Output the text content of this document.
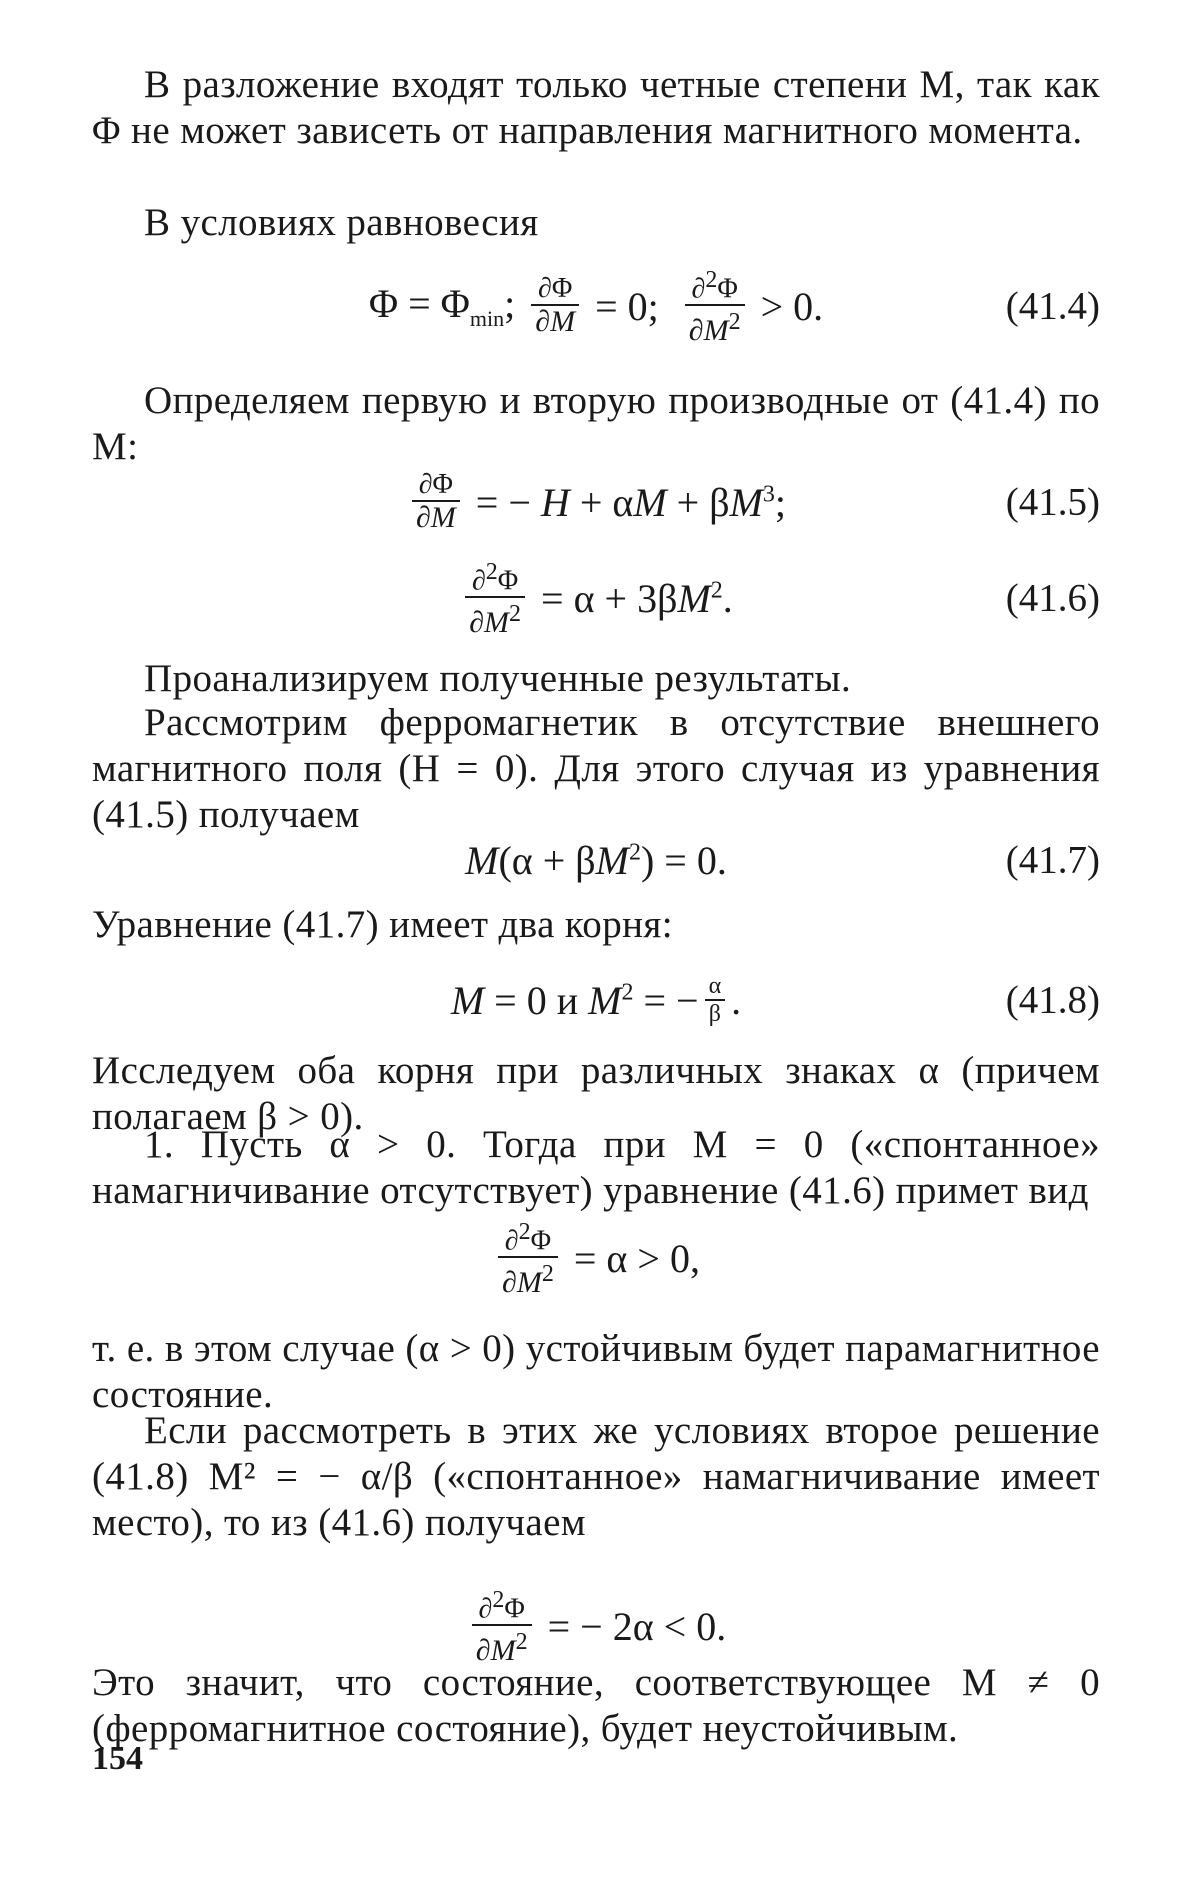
В разложение входят только четные степени М, так как Φ не может зависеть от направления магнитного момента.

В условиях равновесия

$\Phi = \Phi_{min}$; $\frac{\partial\Phi}{\partial M} = 0$; $\frac{\partial^2\Phi}{\partial M^2} > 0$.	(41.4)

Определяем первую и вторую производные от (41.4) по М:

$\frac{\partial\Phi}{\partial M}$ = − $H + \alpha M + \beta M^3$;	(41.5)
$\frac{\partial^2\Phi}{\partial M^2} = \alpha + 3\beta M^2$.	(41.6)

Проанализируем полученные результаты.

Рассмотрим ферромагнетик в отсутствие внешнего магнитного поля (Н = 0). Для этого случая из уравнения (41.5) получаем

$M(\alpha + \beta M^2) = 0$.	(41.7)

Уравнение (41.7) имеет два корня:

M = 0 и $M^2$ = − $\frac{\alpha}{\beta}$ .	(41.8)

Исследуем оба корня при различных знаках α (причем полагаем β > 0).

1. Пусть α > 0. Тогда при М = 0 («спонтанное» намагничивание отсутствует) уравнение (41.6) примет вид

$\frac{\partial^2\Phi}{\partial M^2} = \alpha > 0$,

т. е. в этом случае (α > 0) устойчивым будет парамагнитное состояние.

Если рассмотреть в этих же условиях второе решение (41.8) М² = − α/β («спонтанное» намагничивание имеет место), то из (41.6) получаем

$\frac{\partial^2\Phi}{\partial M^2}$ = − 2α < 0.

Это значит, что состояние, соответствующее М ≠ 0 (ферромагнитное состояние), будет неустойчивым.

154
